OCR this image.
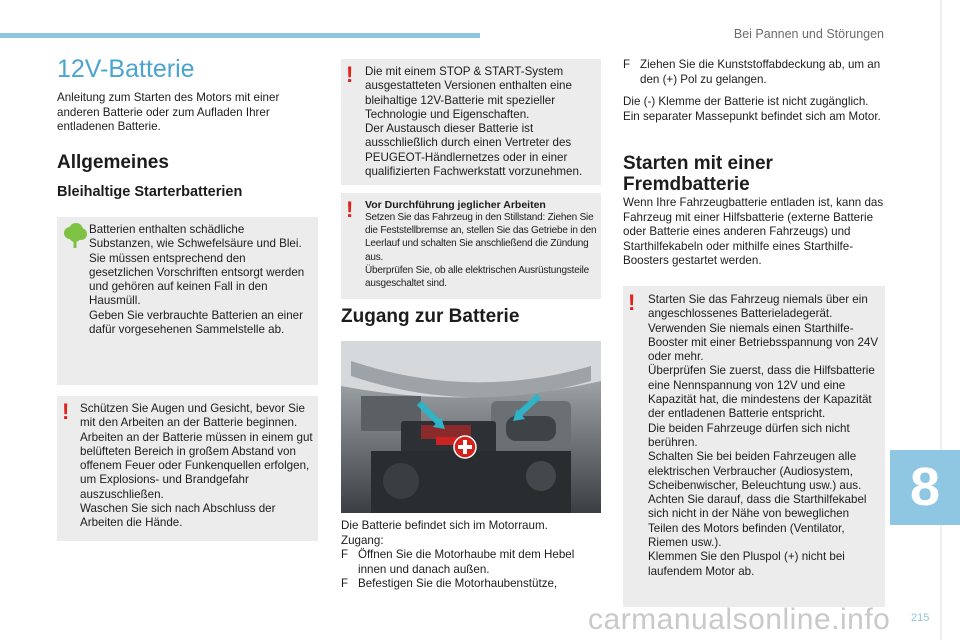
Bei Pannen und Störungen
8
12V-Batterie
Anleitung zum Starten des Motors mit einer anderen Batterie oder zum Aufladen Ihrer entladenen Batterie.
Allgemeines
Bleihaltige Starterbatterien
Batterien enthalten schädliche Substanzen, wie Schwefelsäure und Blei.
Sie müssen entsprechend den gesetzlichen Vorschriften entsorgt werden und gehören auf keinen Fall in den Hausmüll.
Geben Sie verbrauchte Batterien an einer dafür vorgesehenen Sammelstelle ab.
! Schützen Sie Augen und Gesicht, bevor Sie mit den Arbeiten an der Batterie beginnen.
Arbeiten an der Batterie müssen in einem gut belüfteten Bereich in großem Abstand von offenem Feuer oder Funkenquellen erfolgen, um Explosions- und Brandgefahr auszuschließen.
Waschen Sie sich nach Abschluss der Arbeiten die Hände.
! Die mit einem STOP & START-System ausgestatteten Versionen enthalten eine bleihaltige 12V-Batterie mit spezieller Technologie und Eigenschaften.
Der Austausch dieser Batterie ist ausschließlich durch einen Vertreter des PEUGEOT-Händlernetzes oder in einer qualifizierten Fachwerkstatt vorzunehmen.
! Vor Durchführung jeglicher Arbeiten
Setzen Sie das Fahrzeug in den Stillstand: Ziehen Sie die Feststellbremse an, stellen Sie das Getriebe in den Leerlauf und schalten Sie anschließend die Zündung aus.
Überprüfen Sie, ob alle elektrischen Ausrüstungsteile ausgeschaltet sind.
Zugang zur Batterie
Die Batterie befindet sich im Motorraum.
Zugang:
F Öffnen Sie die Motorhaube mit dem Hebel innen und danach außen.
F Befestigen Sie die Motorhaubenstütze,
F Ziehen Sie die Kunststoffabdeckung ab, um an den (+) Pol zu gelangen.
Die (-) Klemme der Batterie ist nicht zugänglich. Ein separater Massepunkt befindet sich am Motor.
Starten mit einer Fremdbatterie
Wenn Ihre Fahrzeugbatterie entladen ist, kann das Fahrzeug mit einer Hilfsbatterie (externe Batterie oder Batterie eines anderen Fahrzeugs) und Starthilfekabeln oder mithilfe eines Starthilfe-Boosters gestartet werden.
! Starten Sie das Fahrzeug niemals über ein angeschlossenes Batterieladegerät.
Verwenden Sie niemals einen Starthilfe-Booster mit einer Betriebsspannung von 24V oder mehr.
Überprüfen Sie zuerst, dass die Hilfsbatterie eine Nennspannung von 12V und eine Kapazität hat, die mindestens der Kapazität der entladenen Batterie entspricht.
Die beiden Fahrzeuge dürfen sich nicht berühren.
Schalten Sie bei beiden Fahrzeugen alle elektrischen Verbraucher (Audiosystem, Scheibenwischer, Beleuchtung usw.) aus.
Achten Sie darauf, dass die Starthilfekabel sich nicht in der Nähe von beweglichen Teilen des Motors befinden (Ventilator, Riemen usw.).
Klemmen Sie den Pluspol (+) nicht bei laufendem Motor ab.
215
carmanualsonline.info
